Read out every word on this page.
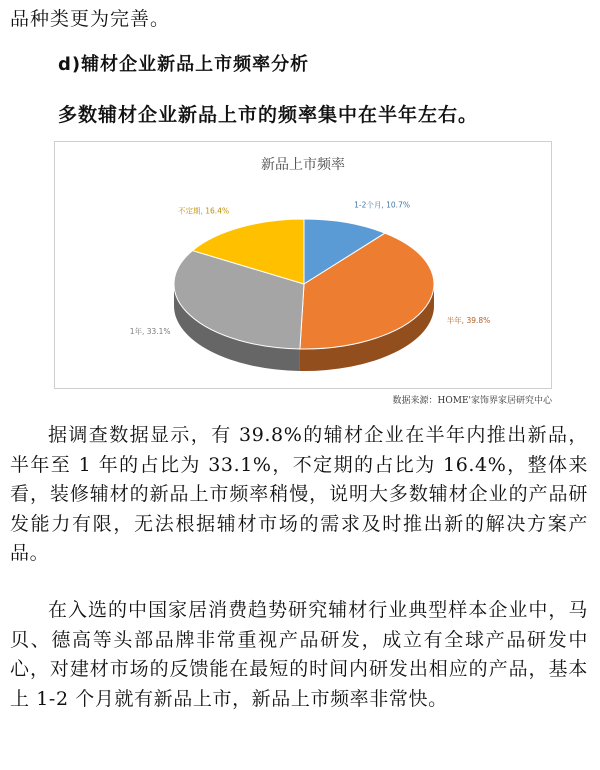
品种类更为完善。
d)辅材企业新品上市频率分析
多数辅材企业新品上市的频率集中在半年左右。
新品上市频率
1-2个月, 10.7%
半年, 39.8%
1年, 33.1%
不定期, 16.4%
数据来源：HOME'家饰界家居研究中心

据调查数据显示，有 39.8%的辅材企业在半年内推出新品，半年至 1 年的占比为 33.1%，不定期的占比为 16.4%，整体来看，装修辅材的新品上市频率稍慢，说明大多数辅材企业的产品研发能力有限，无法根据辅材市场的需求及时推出新的解决方案产品。

在入选的中国家居消费趋势研究辅材行业典型样本企业中，马贝、德高等头部品牌非常重视产品研发，成立有全球产品研发中心，对建材市场的反馈能在最短的时间内研发出相应的产品，基本上 1-2 个月就有新品上市，新品上市频率非常快。
